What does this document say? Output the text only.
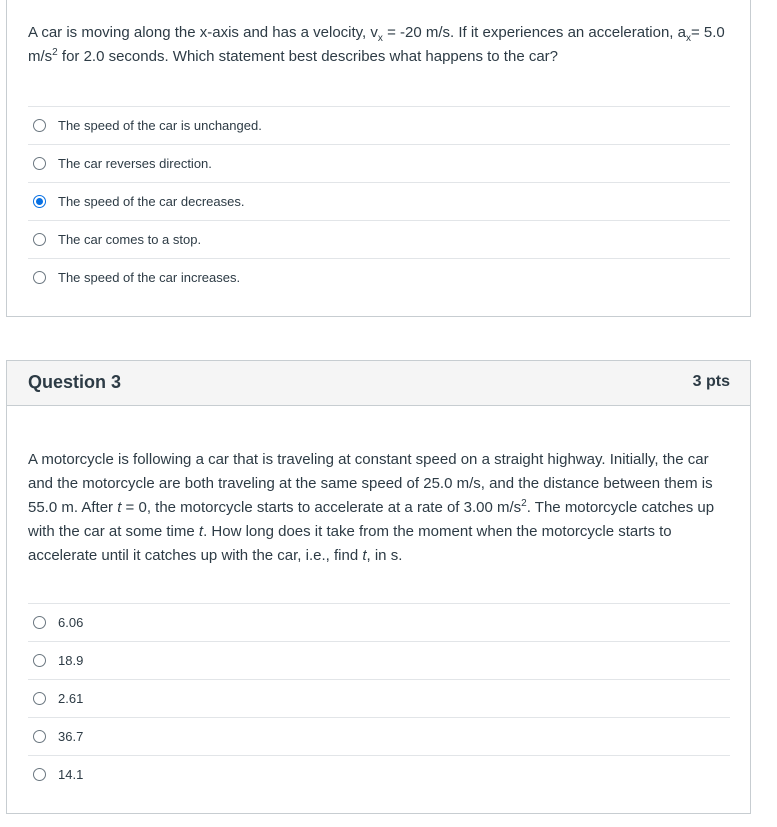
A car is moving along the x-axis and has a velocity, $v_x = -20$ m/s. If it experiences an acceleration, $a_x= 5.0$ $m/s^2$ for 2.0 seconds. Which statement best describes what happens to the car?
The speed of the car is unchanged.
The car reverses direction.
The speed of the car decreases.
The car comes to a stop.
The speed of the car increases.
Question 3	3 pts
A motorcycle is following a car that is traveling at constant speed on a straight highway. Initially, the car and the motorcycle are both traveling at the same speed of 25.0 m/s, and the distance between them is 55.0 m. After t = 0, the motorcycle starts to accelerate at a rate of 3.00 $m/s^2$. The motorcycle catches up with the car at some time t. How long does it take from the moment when the motorcycle starts to accelerate until it catches up with the car, i.e., find t, in s.
6.06
18.9
2.61
36.7
14.1
